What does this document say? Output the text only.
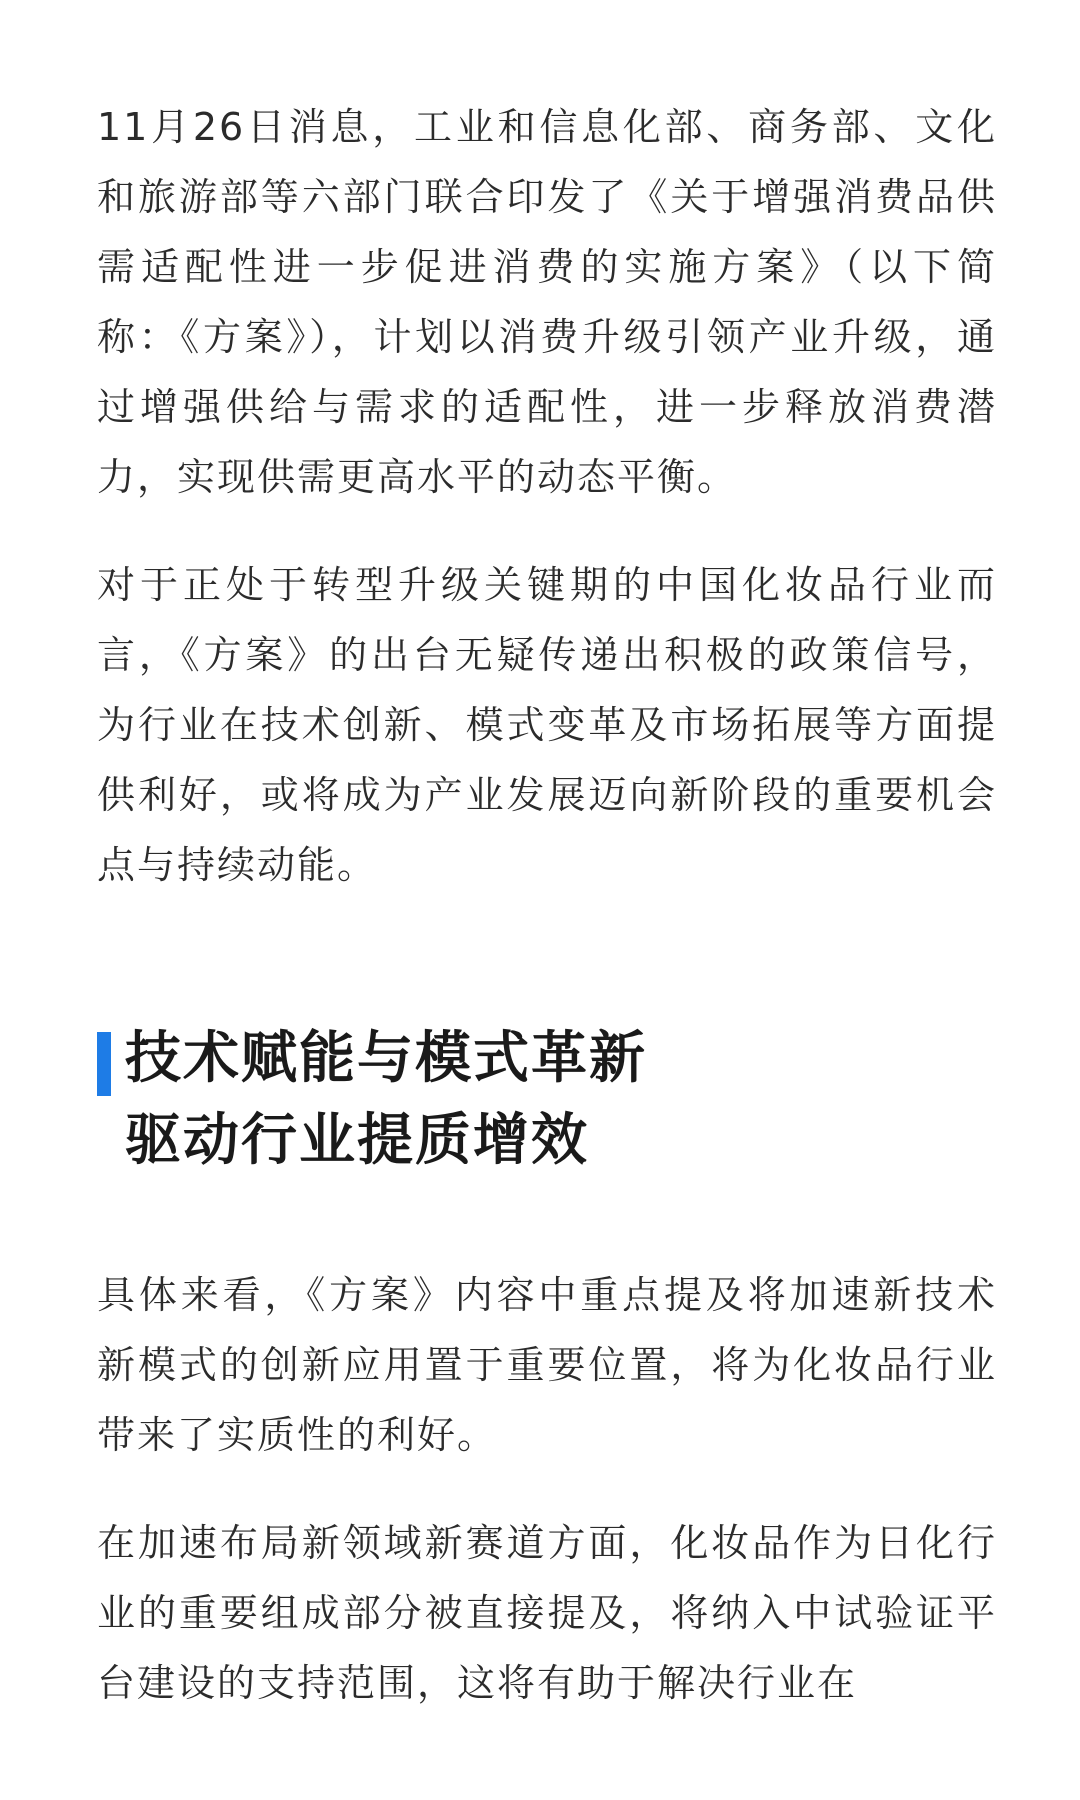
11月26日消息，工业和信息化部、商务部、文化和旅游部等六部门联合印发了《关于增强消费品供需适配性进一步促进消费的实施方案》（以下简称：《方案》），计划以消费升级引领产业升级，通过增强供给与需求的适配性，进一步释放消费潜力，实现供需更高水平的动态平衡。

对于正处于转型升级关键期的中国化妆品行业而言，《方案》的出台无疑传递出积极的政策信号，为行业在技术创新、模式变革及市场拓展等方面提供利好，或将成为产业发展迈向新阶段的重要机会点与持续动能。

技术赋能与模式革新
驱动行业提质增效

具体来看，《方案》内容中重点提及将加速新技术新模式的创新应用置于重要位置，将为化妆品行业带来了实质性的利好。

在加速布局新领域新赛道方面，化妆品作为日化行业的重要组成部分被直接提及，将纳入中试验证平台建设的支持范围，这将有助于解决行业在
